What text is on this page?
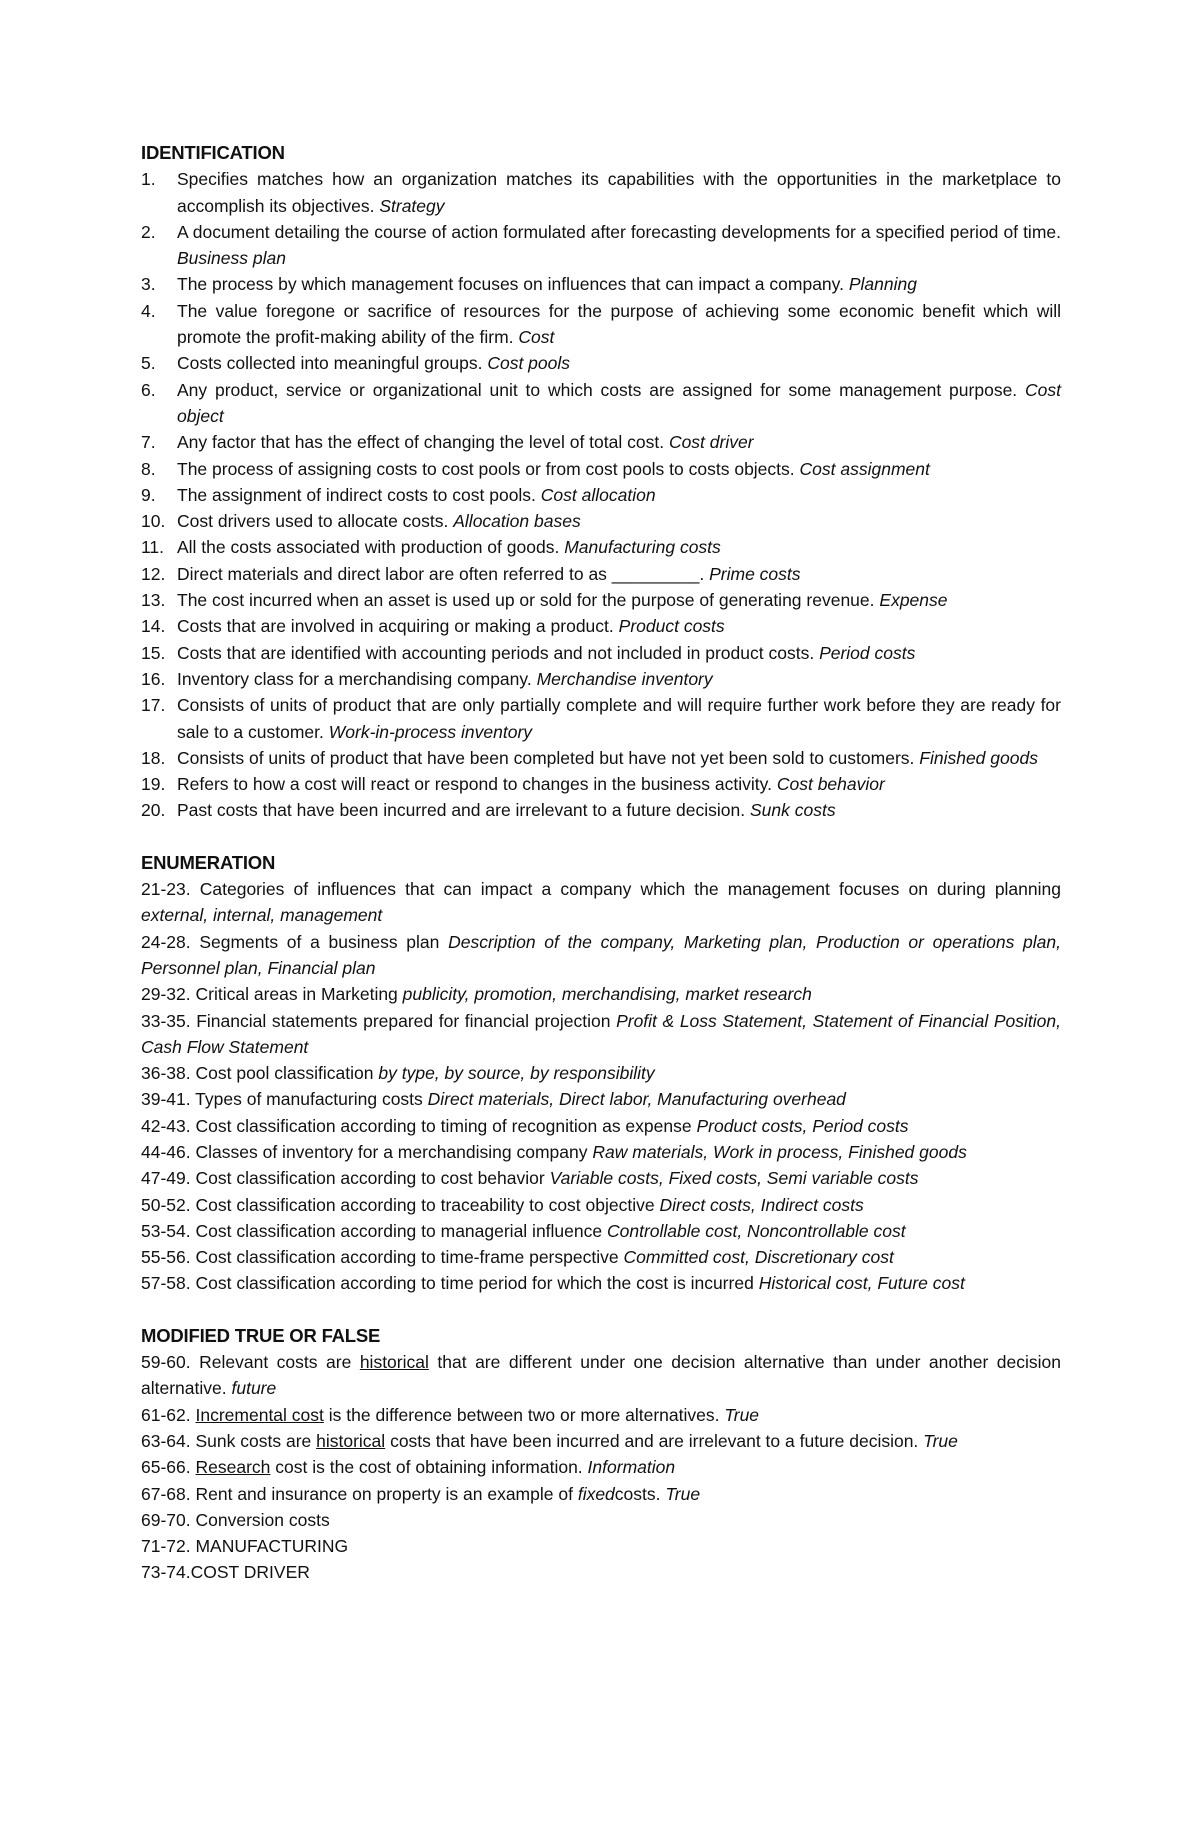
IDENTIFICATION
1. Specifies matches how an organization matches its capabilities with the opportunities in the marketplace to accomplish its objectives. Strategy
2. A document detailing the course of action formulated after forecasting developments for a specified period of time. Business plan
3. The process by which management focuses on influences that can impact a company. Planning
4. The value foregone or sacrifice of resources for the purpose of achieving some economic benefit which will promote the profit-making ability of the firm. Cost
5. Costs collected into meaningful groups. Cost pools
6. Any product, service or organizational unit to which costs are assigned for some management purpose. Cost object
7. Any factor that has the effect of changing the level of total cost. Cost driver
8. The process of assigning costs to cost pools or from cost pools to costs objects. Cost assignment
9. The assignment of indirect costs to cost pools. Cost allocation
10. Cost drivers used to allocate costs. Allocation bases
11. All the costs associated with production of goods. Manufacturing costs
12. Direct materials and direct labor are often referred to as _________. Prime costs
13. The cost incurred when an asset is used up or sold for the purpose of generating revenue. Expense
14. Costs that are involved in acquiring or making a product. Product costs
15. Costs that are identified with accounting periods and not included in product costs. Period costs
16. Inventory class for a merchandising company. Merchandise inventory
17. Consists of units of product that are only partially complete and will require further work before they are ready for sale to a customer. Work-in-process inventory
18. Consists of units of product that have been completed but have not yet been sold to customers. Finished goods
19. Refers to how a cost will react or respond to changes in the business activity. Cost behavior
20. Past costs that have been incurred and are irrelevant to a future decision. Sunk costs
ENUMERATION

21-23. Categories of influences that can impact a company which the management focuses on during planning external, internal, management

24-28. Segments of a business plan Description of the company, Marketing plan, Production or operations plan, Personnel plan, Financial plan

29-32. Critical areas in Marketing publicity, promotion, merchandising, market research

33-35. Financial statements prepared for financial projection Profit & Loss Statement, Statement of Financial Position, Cash Flow Statement

36-38. Cost pool classification by type, by source, by responsibility

39-41. Types of manufacturing costs Direct materials, Direct labor, Manufacturing overhead

42-43. Cost classification according to timing of recognition as expense Product costs, Period costs

44-46. Classes of inventory for a merchandising company Raw materials, Work in process, Finished goods

47-49. Cost classification according to cost behavior Variable costs, Fixed costs, Semi variable costs

50-52. Cost classification according to traceability to cost objective Direct costs, Indirect costs

53-54. Cost classification according to managerial influence Controllable cost, Noncontrollable cost

55-56. Cost classification according to time-frame perspective Committed cost, Discretionary cost

57-58. Cost classification according to time period for which the cost is incurred Historical cost, Future cost

MODIFIED TRUE OR FALSE

59-60. Relevant costs are historical that are different under one decision alternative than under another decision alternative. future

61-62. Incremental cost is the difference between two or more alternatives. True

63-64. Sunk costs are historical costs that have been incurred and are irrelevant to a future decision. True

65-66. Research cost is the cost of obtaining information. Information

67-68. Rent and insurance on property is an example of fixedcosts. True

69-70. Conversion costs

71-72. MANUFACTURING

73-74.COST DRIVER
